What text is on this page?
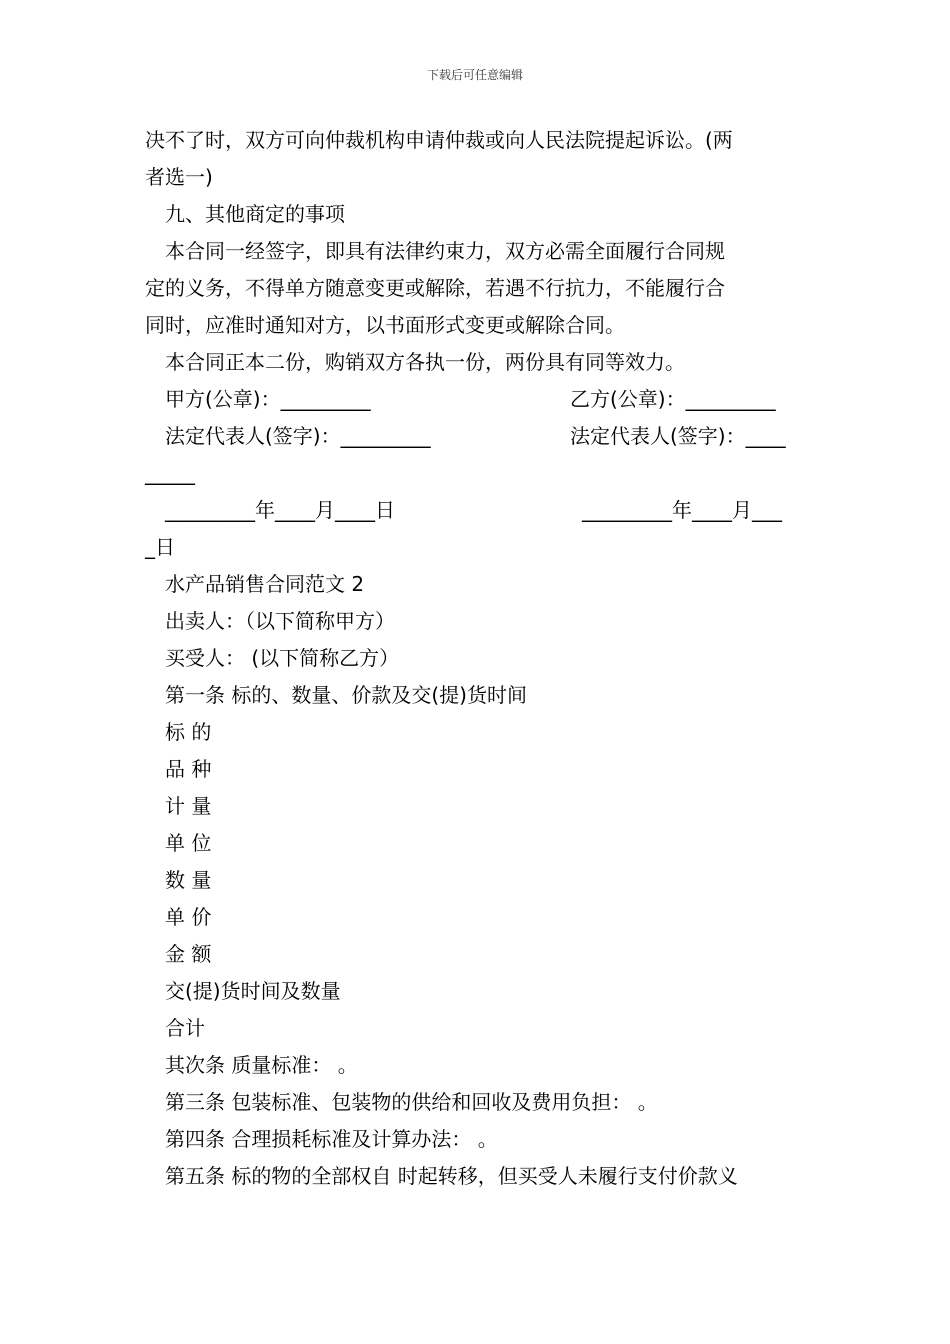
下载后可任意编辑

决不了时，双方可向仲裁机构申请仲裁或向人民法院提起诉讼。(两

者选一)

九、其他商定的事项

本合同一经签字，即具有法律约束力，双方必需全面履行合同规

定的义务，不得单方随意变更或解除，若遇不行抗力，不能履行合

同时，应准时通知对方，以书面形式变更或解除合同。

本合同正本二份，购销双方各执一份，两份具有同等效力。

甲方(公章)：_________	乙方(公章)：_________
法定代表人(签字)：_________	法定代表人(签字)：____

_____

_________年____月____日	_________年____月___

_日

水产品销售合同范文 2

出卖人：（以下简称甲方）

买受人： (以下简称乙方）

第一条 标的、数量、价款及交(提)货时间

标 的

品 种

计 量

单 位

数 量

单 价

金 额

交(提)货时间及数量

合计

其次条 质量标准： 。

第三条 包装标准、包装物的供给和回收及费用负担： 。

第四条 合理损耗标准及计算办法： 。

第五条 标的物的全部权自 时起转移，但买受人未履行支付价款义
